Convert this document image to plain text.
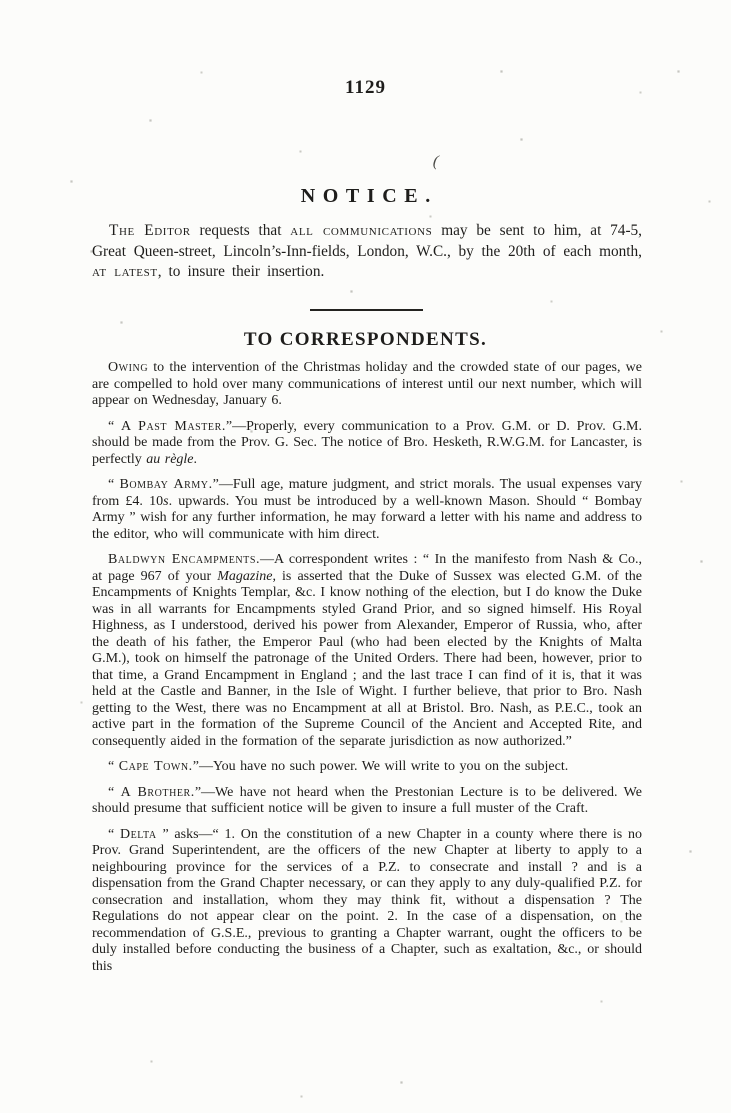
1129
(
NOTICE.
The Editor requests that all communications may be sent to him, at 74-5, Great Queen-street, Lincoln’s-Inn-fields, London, W.C., by the 20th of each month, at latest, to insure their insertion.
TO CORRESPONDENTS.

Owing to the intervention of the Christmas holiday and the crowded state of our pages, we are compelled to hold over many communications of interest until our next number, which will appear on Wednesday, January 6.

“ A Past Master.”—Properly, every communication to a Prov. G.M. or D. Prov. G.M. should be made from the Prov. G. Sec. The notice of Bro. Hesketh, R.W.G.M. for Lancaster, is perfectly au règle.

“ Bombay Army.”—Full age, mature judgment, and strict morals. The usual expenses vary from £4. 10s. upwards. You must be introduced by a well-known Mason. Should “ Bombay Army ” wish for any further information, he may forward a letter with his name and address to the editor, who will communicate with him direct.

Baldwyn Encampments.—A correspondent writes : “ In the manifesto from Nash & Co., at page 967 of your Magazine, is asserted that the Duke of Sussex was elected G.M. of the Encampments of Knights Templar, &c. I know nothing of the election, but I do know the Duke was in all warrants for Encampments styled Grand Prior, and so signed himself. His Royal Highness, as I understood, derived his power from Alexander, Emperor of Russia, who, after the death of his father, the Emperor Paul (who had been elected by the Knights of Malta G.M.), took on himself the patronage of the United Orders. There had been, however, prior to that time, a Grand Encampment in England ; and the last trace I can find of it is, that it was held at the Castle and Banner, in the Isle of Wight. I further believe, that prior to Bro. Nash getting to the West, there was no Encampment at all at Bristol. Bro. Nash, as P.E.C., took an active part in the formation of the Supreme Council of the Ancient and Accepted Rite, and consequently aided in the formation of the separate jurisdiction as now authorized.”

“ Cape Town.”—You have no such power. We will write to you on the subject.

“ A Brother.”—We have not heard when the Prestonian Lecture is to be delivered. We should presume that sufficient notice will be given to insure a full muster of the Craft.

“ Delta ” asks—“ 1. On the constitution of a new Chapter in a county where there is no Prov. Grand Superintendent, are the officers of the new Chapter at liberty to apply to a neighbouring province for the services of a P.Z. to consecrate and install ? and is a dispensation from the Grand Chapter necessary, or can they apply to any duly-qualified P.Z. for consecration and installation, whom they may think fit, without a dispensation ? The Regulations do not appear clear on the point. 2. In the case of a dispensation, on the recommendation of G.S.E., previous to granting a Chapter warrant, ought the officers to be duly installed before conducting the business of a Chapter, such as exaltation, &c., or should this
